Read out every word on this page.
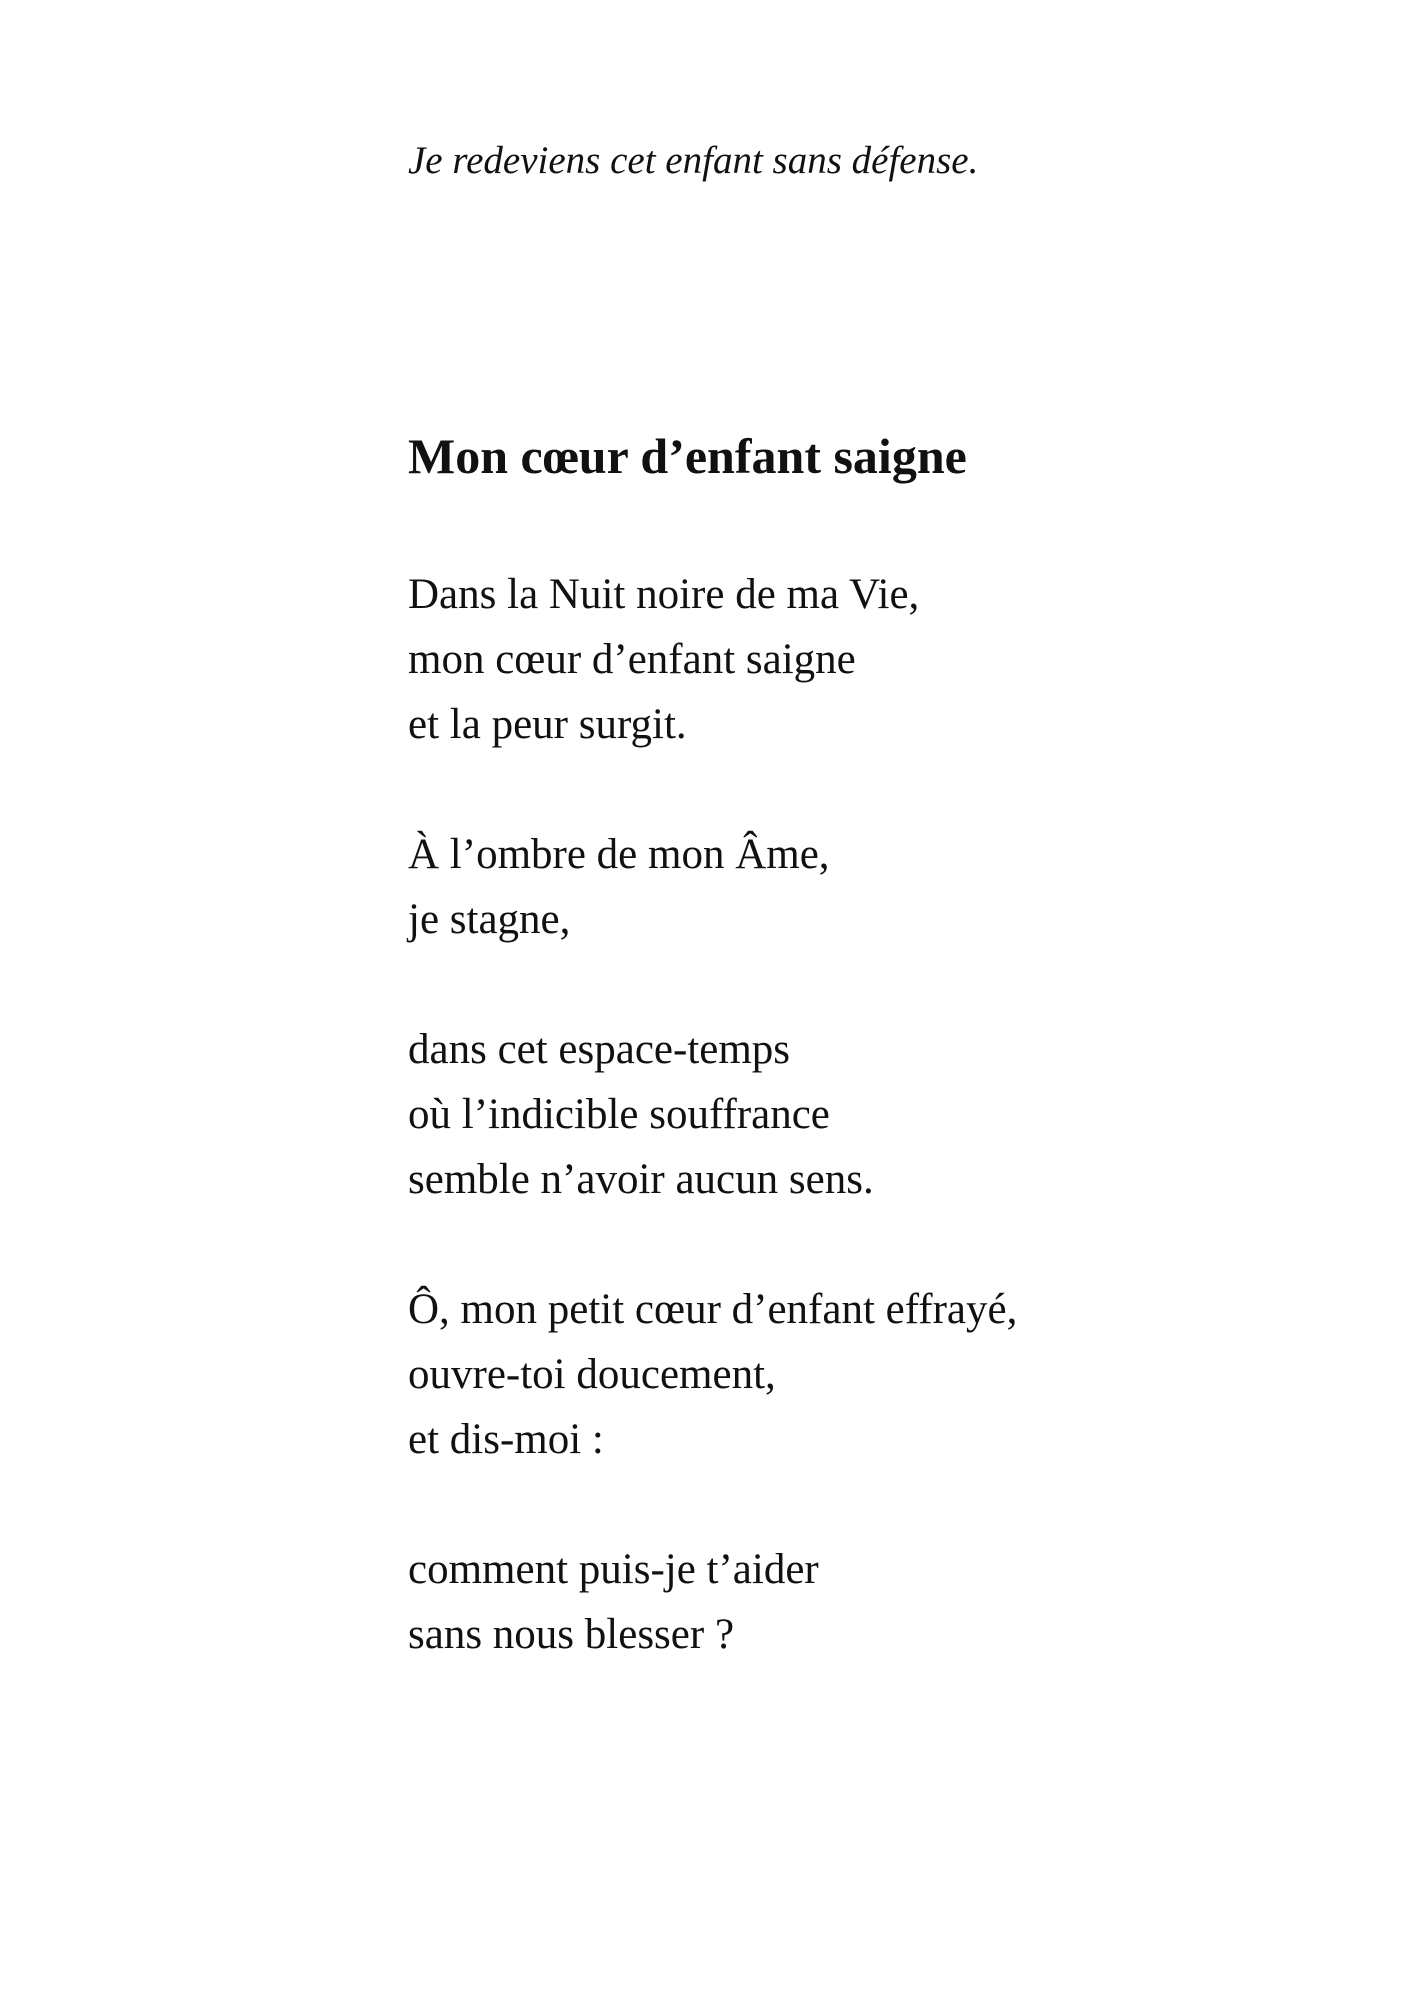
Je redeviens cet enfant sans défense.
Mon cœur d’enfant saigne
Dans la Nuit noire de ma Vie,
mon cœur d’enfant saigne
et la peur surgit.
À l’ombre de mon Âme,
je stagne,
dans cet espace-temps
où l’indicible souffrance
semble n’avoir aucun sens.
Ô, mon petit cœur d’enfant effrayé,
ouvre-toi doucement,
et dis-moi :
comment puis-je t’aider
sans nous blesser ?
